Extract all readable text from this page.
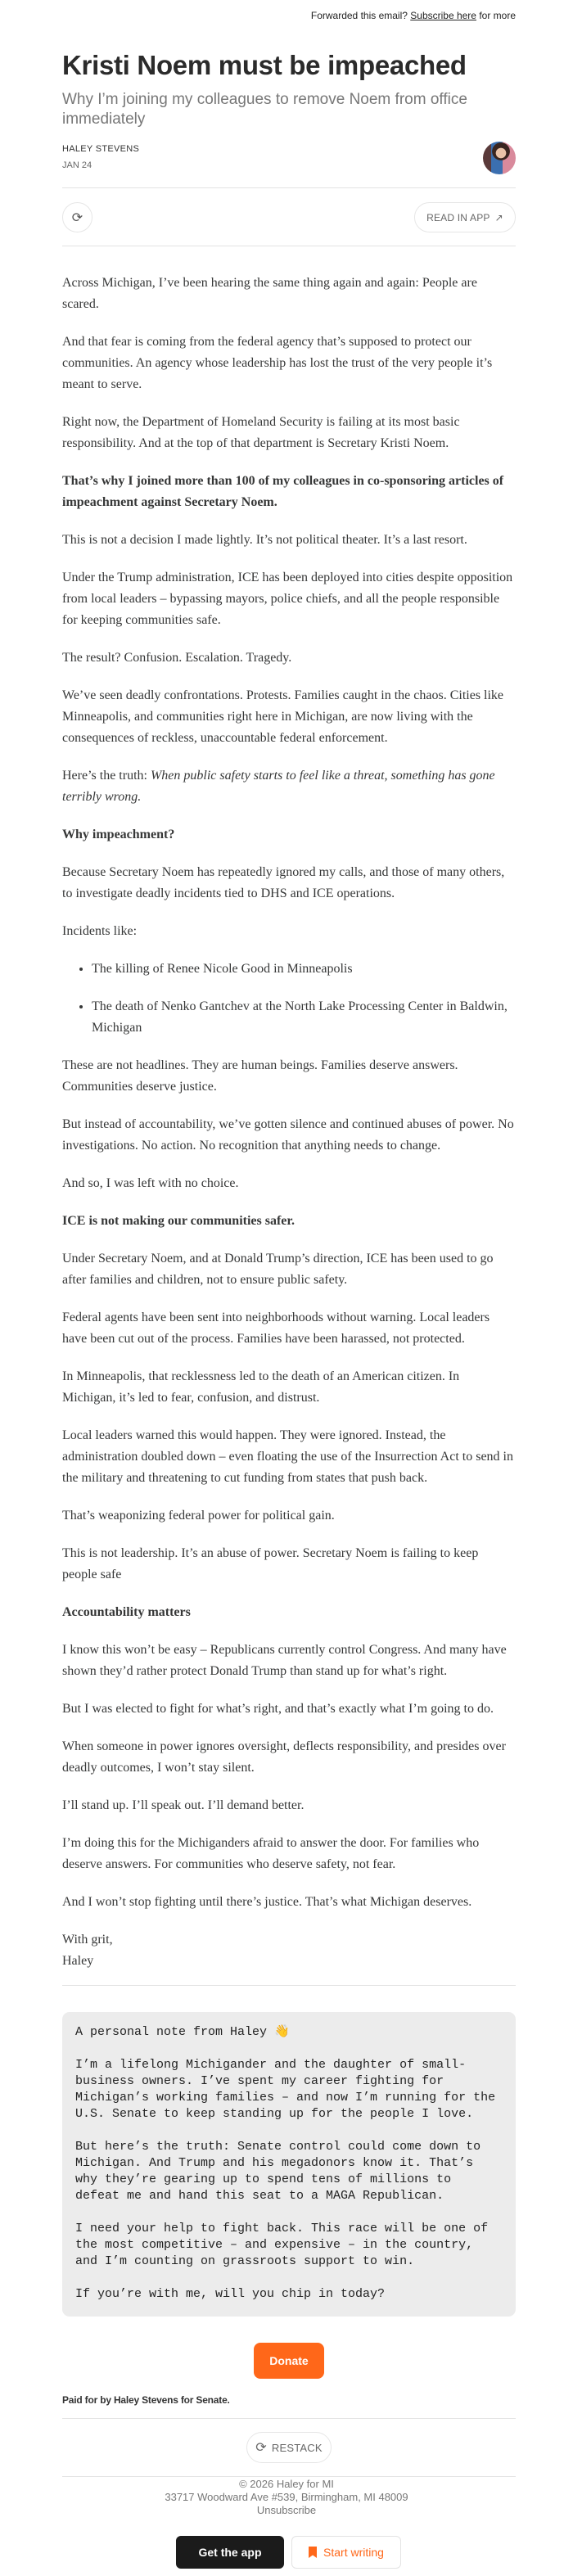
Forwarded this email? Subscribe here for more
Kristi Noem must be impeached

Why I’m joining my colleagues to remove Noem from office immediately

HALEY STEVENS
JAN 24
⟳	READ IN APP ↗

Across Michigan, I’ve been hearing the same thing again and again: People are scared.

And that fear is coming from the federal agency that’s supposed to protect our communities. An agency whose leadership has lost the trust of the very people it’s meant to serve.

Right now, the Department of Homeland Security is failing at its most basic responsibility. And at the top of that department is Secretary Kristi Noem.

That’s why I joined more than 100 of my colleagues in co-sponsoring articles of impeachment against Secretary Noem.

This is not a decision I made lightly. It’s not political theater. It’s a last resort.

Under the Trump administration, ICE has been deployed into cities despite opposition from local leaders – bypassing mayors, police chiefs, and all the people responsible for keeping communities safe.

The result? Confusion. Escalation. Tragedy.

We’ve seen deadly confrontations. Protests. Families caught in the chaos. Cities like Minneapolis, and communities right here in Michigan, are now living with the consequences of reckless, unaccountable federal enforcement.

Here’s the truth: When public safety starts to feel like a threat, something has gone terribly wrong.

Why impeachment?

Because Secretary Noem has repeatedly ignored my calls, and those of many others, to investigate deadly incidents tied to DHS and ICE operations.

Incidents like:

• The killing of Renee Nicole Good in Minneapolis
• The death of Nenko Gantchev at the North Lake Processing Center in Baldwin, Michigan

These are not headlines. They are human beings. Families deserve answers. Communities deserve justice.

But instead of accountability, we’ve gotten silence and continued abuses of power. No investigations. No action. No recognition that anything needs to change.

And so, I was left with no choice.

ICE is not making our communities safer.

Under Secretary Noem, and at Donald Trump’s direction, ICE has been used to go after families and children, not to ensure public safety.

Federal agents have been sent into neighborhoods without warning. Local leaders have been cut out of the process. Families have been harassed, not protected.

In Minneapolis, that recklessness led to the death of an American citizen. In Michigan, it’s led to fear, confusion, and distrust.

Local leaders warned this would happen. They were ignored. Instead, the administration doubled down – even floating the use of the Insurrection Act to send in the military and threatening to cut funding from states that push back.

That’s weaponizing federal power for political gain.

This is not leadership. It’s an abuse of power. Secretary Noem is failing to keep people safe

Accountability matters

I know this won’t be easy – Republicans currently control Congress. And many have shown they’d rather protect Donald Trump than stand up for what’s right.

But I was elected to fight for what’s right, and that’s exactly what I’m going to do.

When someone in power ignores oversight, deflects responsibility, and presides over deadly outcomes, I won’t stay silent.

I’ll stand up. I’ll speak out. I’ll demand better.

I’m doing this for the Michiganders afraid to answer the door. For families who deserve answers. For communities who deserve safety, not fear.

And I won’t stop fighting until there’s justice. That’s what Michigan deserves.

With grit,

Haley

A personal note from Haley 👋

I’m a lifelong Michigander and the daughter of small-business owners. I’ve spent my career fighting for Michigan’s working families – and now I’m running for the U.S. Senate to keep standing up for the people I love.

But here’s the truth: Senate control could come down to Michigan. And Trump and his megadonors know it. That’s why they’re gearing up to spend tens of millions to defeat me and hand this seat to a MAGA Republican.

I need your help to fight back. This race will be one of the most competitive – and expensive – in the country, and I’m counting on grassroots support to win.

If you’re with me, will you chip in today?

Donate
Paid for by Haley Stevens for Senate.
⟳ RESTACK
© 2026 Haley for MI
33717 Woodward Ave #539, Birmingham, MI 48009
Unsubscribe
Get the app	Start writing
